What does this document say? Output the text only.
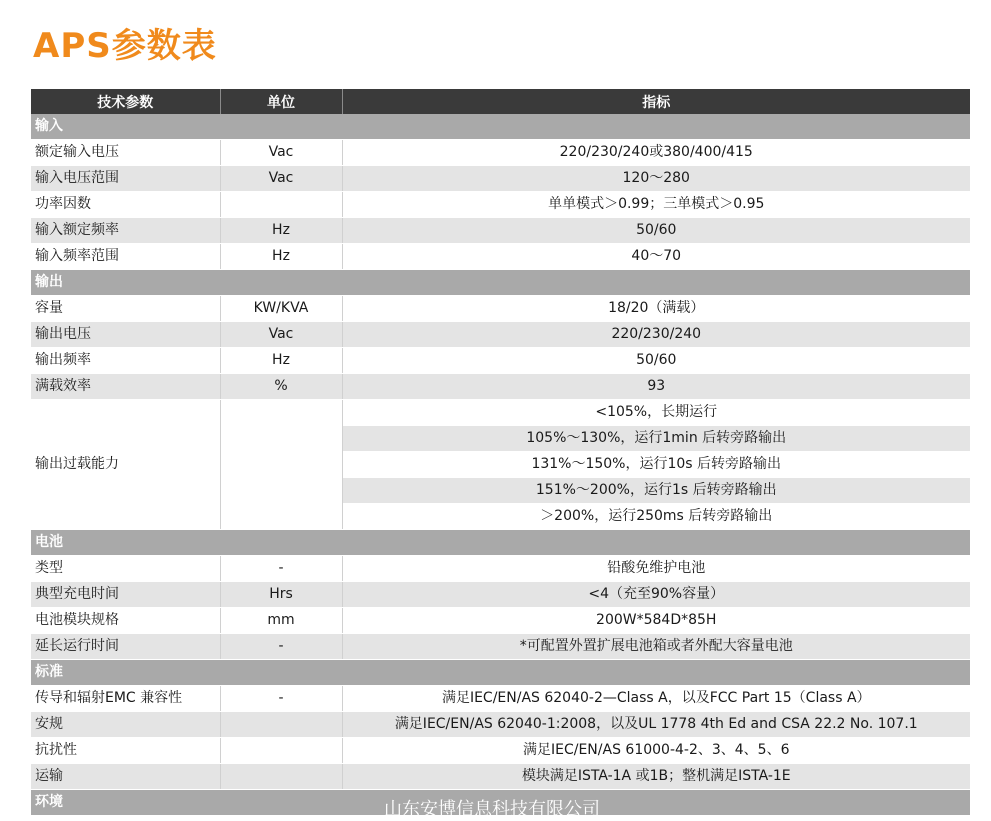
APS参数表
技术参数	单位	指标
输入		
额定输入电压	Vac	220/230/240或380/400/415
输入电压范围	Vac	120～280
功率因数		单单模式＞0.99；三单模式＞0.95
输入额定频率	Hz	50/60
输入频率范围	Hz	40～70
输出		
容量	KW/KVA	18/20（满载）
输出电压	Vac	220/230/240
输出频率	Hz	50/60
满载效率	%	93
输出过载能力		<105%，长期运行
		105%～130%，运行1min 后转旁路输出
		131%～150%，运行10s 后转旁路输出
		151%～200%，运行1s 后转旁路输出
		＞200%，运行250ms 后转旁路输出
电池		
类型	-	铅酸免维护电池
典型充电时间	Hrs	<4（充至90%容量）
电池模块规格	mm	200W*584D*85H
延长运行时间	-	*可配置外置扩展电池箱或者外配大容量电池
标准		
传导和辐射EMC 兼容性	-	满足IEC/EN/AS 62040-2—Class A，以及FCC Part 15（Class A）
安规		满足IEC/EN/AS 62040-1:2008，以及UL 1778 4th Ed and CSA 22.2 No. 107.1
抗扰性		满足IEC/EN/AS 61000-4-2、3、4、5、6
运输		模块满足ISTA-1A 或1B；整机满足ISTA-1E
环境			山东安博信息科技有限公司
